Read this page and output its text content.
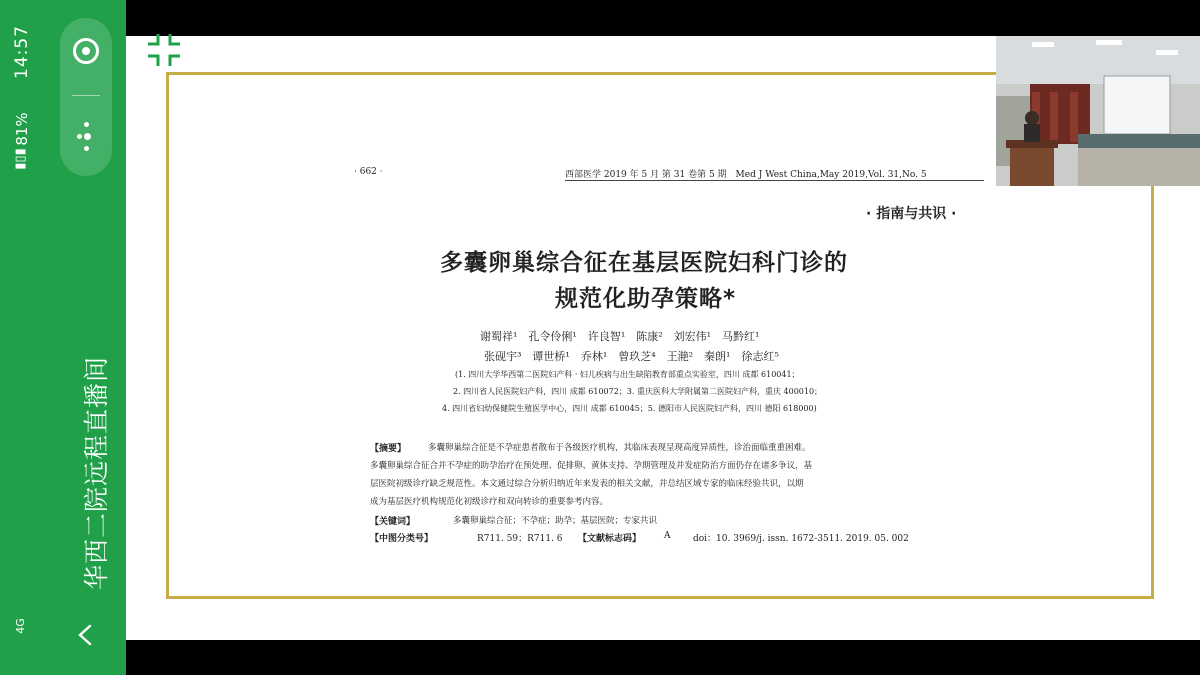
14:57
81%
▮▯▮
4G
华西二院远程直播间
· 662 ·	西部医学 2019 年 5 月 第 31 卷第 5 期　Med J West China,May 2019,Vol. 31,No. 5
· 指南与共识 ·
多囊卵巢综合征在基层医院妇科门诊的
规范化助孕策略*
谢蜀祥¹　孔令伶俐¹　许良智¹　陈康²　刘宏伟¹　马黔红¹
张砚宇³　谭世桥¹　乔林¹　曾玖芝⁴　王滟²　秦朗¹　徐志红⁵
(1. 四川大学华西第二医院妇产科 · 妇儿疾病与出生缺陷教育部重点实验室，四川 成都 610041；
2. 四川省人民医院妇产科，四川 成都 610072；3. 重庆医科大学附属第二医院妇产科，重庆 400010；
4. 四川省妇幼保健院生殖医学中心，四川 成都 610045；5. 德阳市人民医院妇产科，四川 德阳 618000)
【摘要】	多囊卵巢综合征是不孕症患者散布于各级医疗机构，其临床表现呈现高度异质性，诊治面临重重困难。
多囊卵巢综合征合并不孕症的助孕治疗在预处理、促排卵、黄体支持、孕期管理及并发症防治方面仍存在诸多争议，基
层医院初级诊疗缺乏规范性。本文通过综合分析归纳近年来发表的相关文献，并总结区域专家的临床经验共识，以期
成为基层医疗机构规范化初级诊疗和双向转诊的重要参考内容。
【关键词】	多囊卵巢综合征；不孕症；助孕；基层医院；专家共识
【中图分类号】	R711. 59；R711. 6 【文献标志码】	A	doi：10. 3969/j. issn. 1672-3511. 2019. 05. 002
